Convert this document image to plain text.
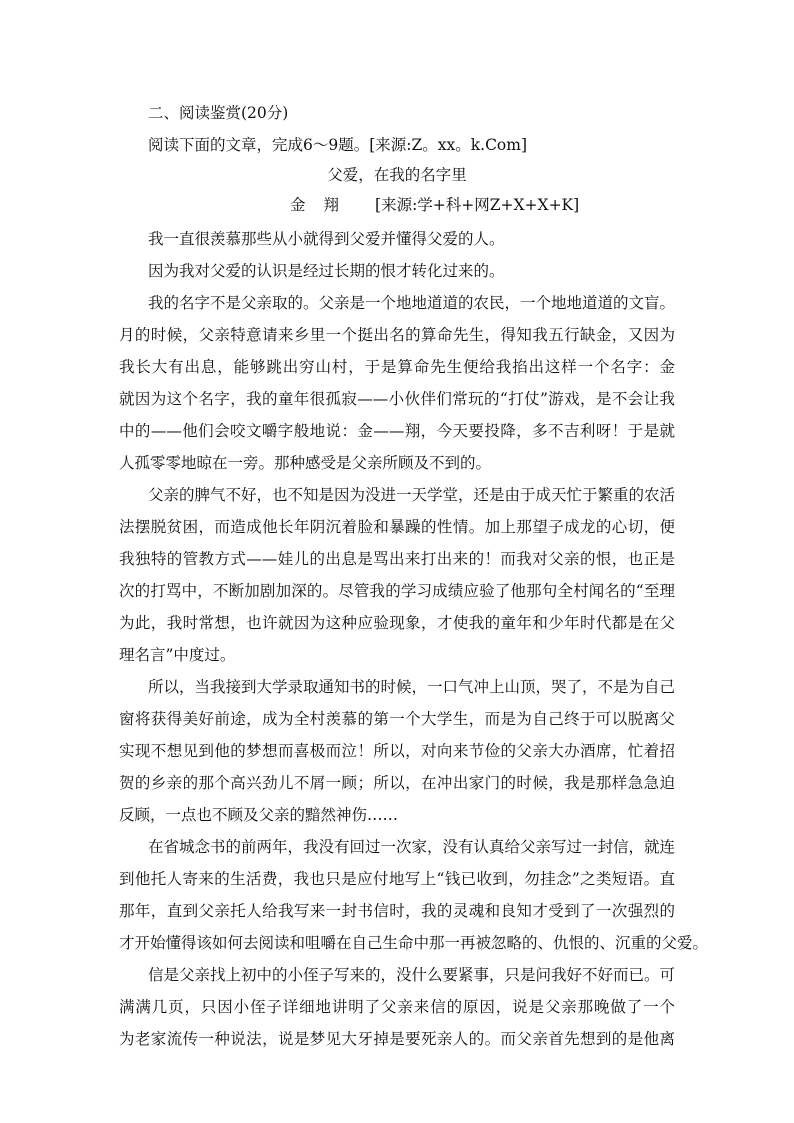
二、阅读鉴赏(20分)
阅读下面的文章，完成6～9题。[来源:Z。xx。k.Com]
父爱，在我的名字里
金翔 [来源:学+科+网Z+X+X+K]
我一直很羡慕那些从小就得到父爱并懂得父爱的人。
因为我对父爱的认识是经过长期的恨才转化过来的。
我的名字不是父亲取的。父亲是一个地地道道的农民，一个地地道道的文盲。
月的时候，父亲特意请来乡里一个挺出名的算命先生，得知我五行缺金，又因为
我长大有出息，能够跳出穷山村，于是算命先生便给我掐出这样一个名字：金
就因为这个名字，我的童年很孤寂——小伙伴们常玩的“打仗”游戏，是不会让我
中的——他们会咬文嚼字般地说：金——翔，今天要投降，多不吉利呀！于是就
人孤零零地晾在一旁。那种感受是父亲所顾及不到的。
父亲的脾气不好，也不知是因为没进一天学堂，还是由于成天忙于繁重的农活
法摆脱贫困，而造成他长年阴沉着脸和暴躁的性情。加上那望子成龙的心切，便
我独特的管教方式——娃儿的出息是骂出来打出来的！而我对父亲的恨，也正是
次的打骂中，不断加剧加深的。尽管我的学习成绩应验了他那句全村闻名的“至理
为此，我时常想，也许就因为这种应验现象，才使我的童年和少年时代都是在父
理名言”中度过。
所以，当我接到大学录取通知书的时候，一口气冲上山顶，哭了，不是为自己
窗将获得美好前途，成为全村羡慕的第一个大学生，而是为自己终于可以脱离父
实现不想见到他的梦想而喜极而泣！所以，对向来节俭的父亲大办酒席，忙着招
贺的乡亲的那个高兴劲儿不屑一顾；所以，在冲出家门的时候，我是那样急急迫
反顾，一点也不顾及父亲的黯然神伤……
在省城念书的前两年，我没有回过一次家，没有认真给父亲写过一封信，就连
到他托人寄来的生活费，我也只是应付地写上“钱已收到，勿挂念”之类短语。直
那年，直到父亲托人给我写来一封书信时，我的灵魂和良知才受到了一次强烈的
才开始懂得该如何去阅读和咀嚼在自己生命中那一再被忽略的、仇恨的、沉重的父爱。
信是父亲找上初中的小侄子写来的，没什么要紧事，只是问我好不好而已。可
满满几页，只因小侄子详细地讲明了父亲来信的原因，说是父亲那晚做了一个
为老家流传一种说法，说是梦见大牙掉是要死亲人的。而父亲首先想到的是他离
